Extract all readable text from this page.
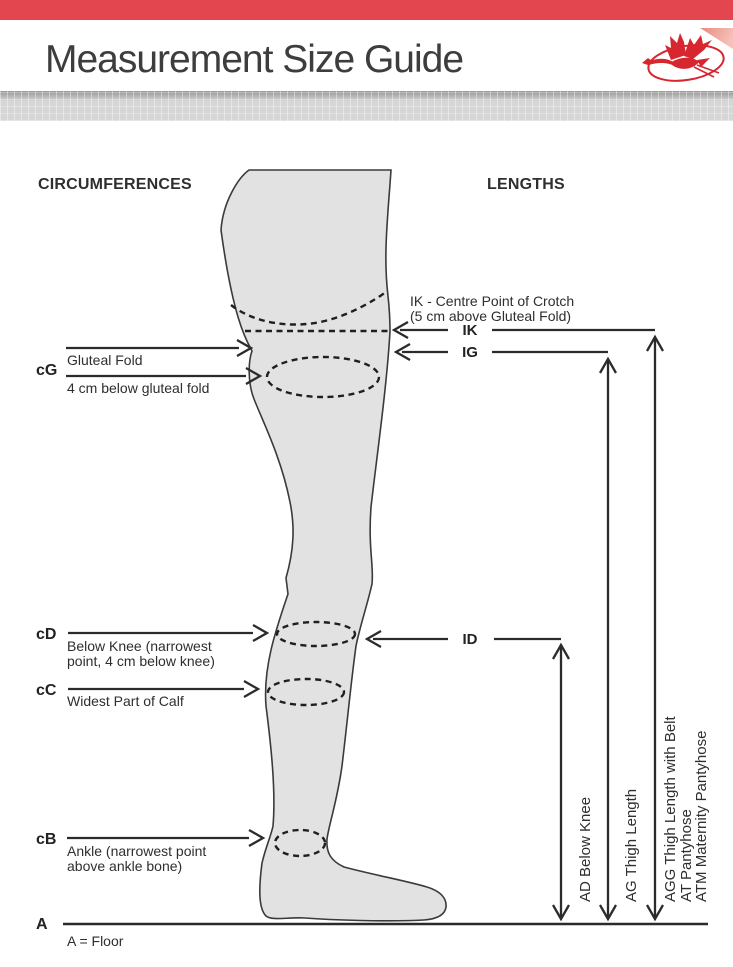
Measurement Size Guide
CIRCUMFERENCES	LENGTHS
cG
Gluteal Fold
4 cm below gluteal fold
cD
Below Knee (narrowest
point, 4 cm below knee)
cC
Widest Part of Calf
cB
Ankle (narrowest point
above ankle bone)
A
A = Floor
IK - Centre Point of Crotch
(5 cm above Gluteal Fold)
IK
IG
ID
AD Below Knee AG Thigh Length AGG Thigh Length with Belt
AT Pantyhose
ATM Maternity Pantyhose
